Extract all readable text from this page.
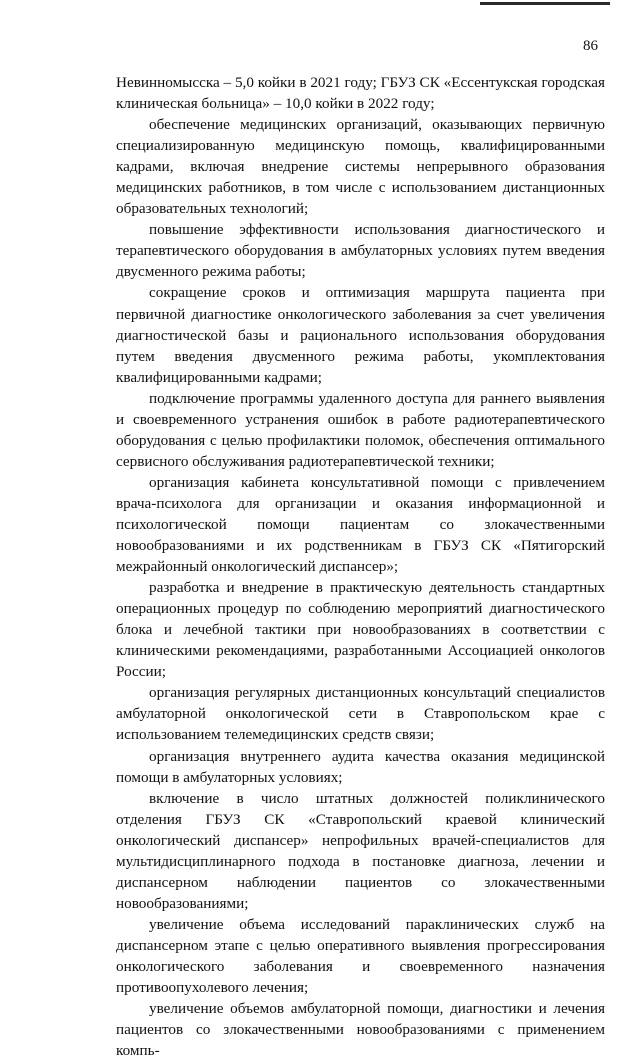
86

Невинномысска – 5,0 койки в 2021 году; ГБУЗ СК «Ессентукская городская клиническая больница» – 10,0 койки в 2022 году;

обеспечение медицинских организаций, оказывающих первичную специализированную медицинскую помощь, квалифицированными кадрами, включая внедрение системы непрерывного образования медицинских работников, в том числе с использованием дистанционных образовательных технологий;

повышение эффективности использования диагностического и терапевтического оборудования в амбулаторных условиях путем введения двусменного режима работы;

сокращение сроков и оптимизация маршрута пациента при первичной диагностике онкологического заболевания за счет увеличения диагностической базы и рационального использования оборудования путем введения двусменного режима работы, укомплектования квалифицированными кадрами;

подключение программы удаленного доступа для раннего выявления и своевременного устранения ошибок в работе радиотерапевтического оборудования с целью профилактики поломок, обеспечения оптимального сервисного обслуживания радиотерапевтической техники;

организация кабинета консультативной помощи с привлечением врача-психолога для организации и оказания информационной и психологической помощи пациентам со злокачественными новообразованиями и их родственникам в ГБУЗ СК «Пятигорский межрайонный онкологический диспансер»;

разработка и внедрение в практическую деятельность стандартных операционных процедур по соблюдению мероприятий диагностического блока и лечебной тактики при новообразованиях в соответствии с клиническими рекомендациями, разработанными Ассоциацией онкологов России;

организация регулярных дистанционных консультаций специалистов амбулаторной онкологической сети в Ставропольском крае с использованием телемедицинских средств связи;

организация внутреннего аудита качества оказания медицинской помощи в амбулаторных условиях;

включение в число штатных должностей поликлинического отделения ГБУЗ СК «Ставропольский краевой клинический онкологический диспансер» непрофильных врачей-специалистов для мультидисциплинарного подхода в постановке диагноза, лечении и диспансерном наблюдении пациентов со злокачественными новообразованиями;

увеличение объема исследований параклинических служб на диспансерном этапе с целью оперативного выявления прогрессирования онкологического заболевания и своевременного назначения противоопухолевого лечения;

увеличение объемов амбулаторной помощи, диагностики и лечения пациентов со злокачественными новообразованиями с применением компь-
